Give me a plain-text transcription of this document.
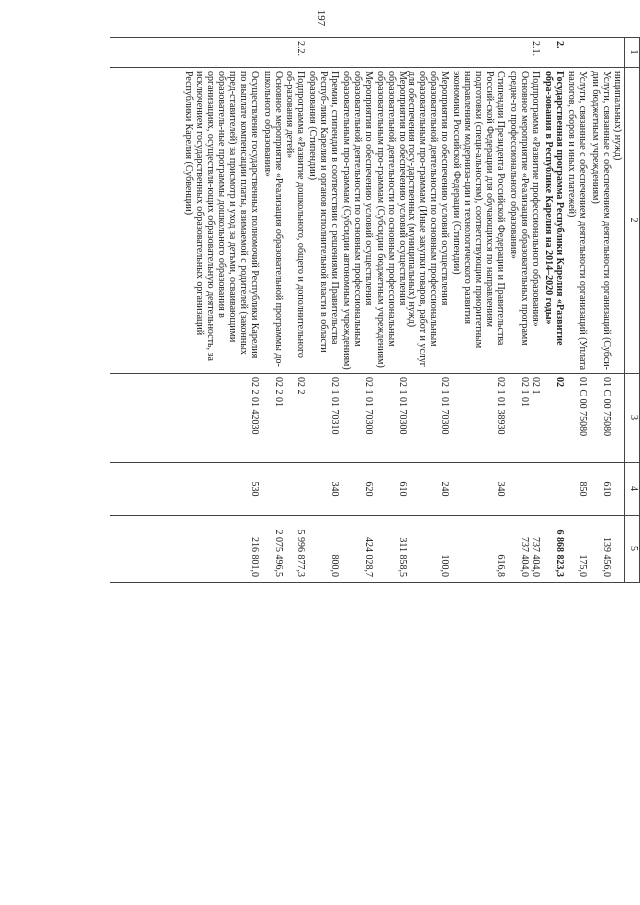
197
1
2
3
4
5
ниципальных) нужд)
Услуги, связанные с обеспечением деятельности организаций (Субси-дии бюджетным учреждениям)
01 С 00 75080
610
139 456,0
Услуги, связанные с обеспечением деятельности организаций (Уплата налогов, сборов и иных платежей)
01 С 00 75080
850
175,0
2.
Государственная программа Республики Карелия «Развитие обра-зования в Республике Карелия на 2014–2020 годы»
02
6 868 823,3
2.1.
Подпрограмма «Развитие профессионального образования»
02 1
737 404,0
Основное мероприятие «Реализация образовательных программ средне-го профессионального образования»
02 1 01
737 404,0
Стипендии Президента Российской Федерации и Правительства Россий-ской Федерации для обучающихся по направлениям подготовки (специ-альностям), соответствующим приоритетным направлениям модерниза-ции и технологического развития экономики Российской Федерации (Стипендии)
02 1 01 38930
340
616,8
Мероприятия по обеспечению условий осуществления образовательной деятельности по основным профессиональным образовательным про-граммам (Иные закупки товаров, работ и услуг для обеспечения госу-дарственных (муниципальных) нужд)
02 1 01 70300
240
100,0
Мероприятия по обеспечению условий осуществления образовательной деятельности по основным профессиональным образовательным про-граммам (Субсидии бюджетным учреждениям)
02 1 01 70300
610
311 858,5
Мероприятия по обеспечению условий осуществления образовательной деятельности по основным профессиональным образовательным про-граммам (Субсидии автономным учреждениям)
02 1 01 70300
620
424 028,7
Премии, стипендии в соответствии с решениями Правительства Респуб-лики Карелия и органов исполнительной власти в области образования (Стипендии)
02 1 01 70310
340
800,0
2.2.
Подпрограмма «Развитие дошкольного, общего и дополнительного об-разования детей»
02 2
5 996 877,3
Основное мероприятие «Реализация образовательной программы до-школьного образования»
02 2 01
2 075 496,5
Осуществление государственных полномочий Республики Карелия по выплате компенсации платы, взимаемой с родителей (законных пред-ставителей) за присмотр и уход за детьми, осваивающими образователь-ные программы дошкольного образования в организациях, осуществля-ющих образовательную деятельность, за исключением государственных образовательных организаций Республики Карелия (Субвенции)
02 2 01 42030
530
216 801,0
